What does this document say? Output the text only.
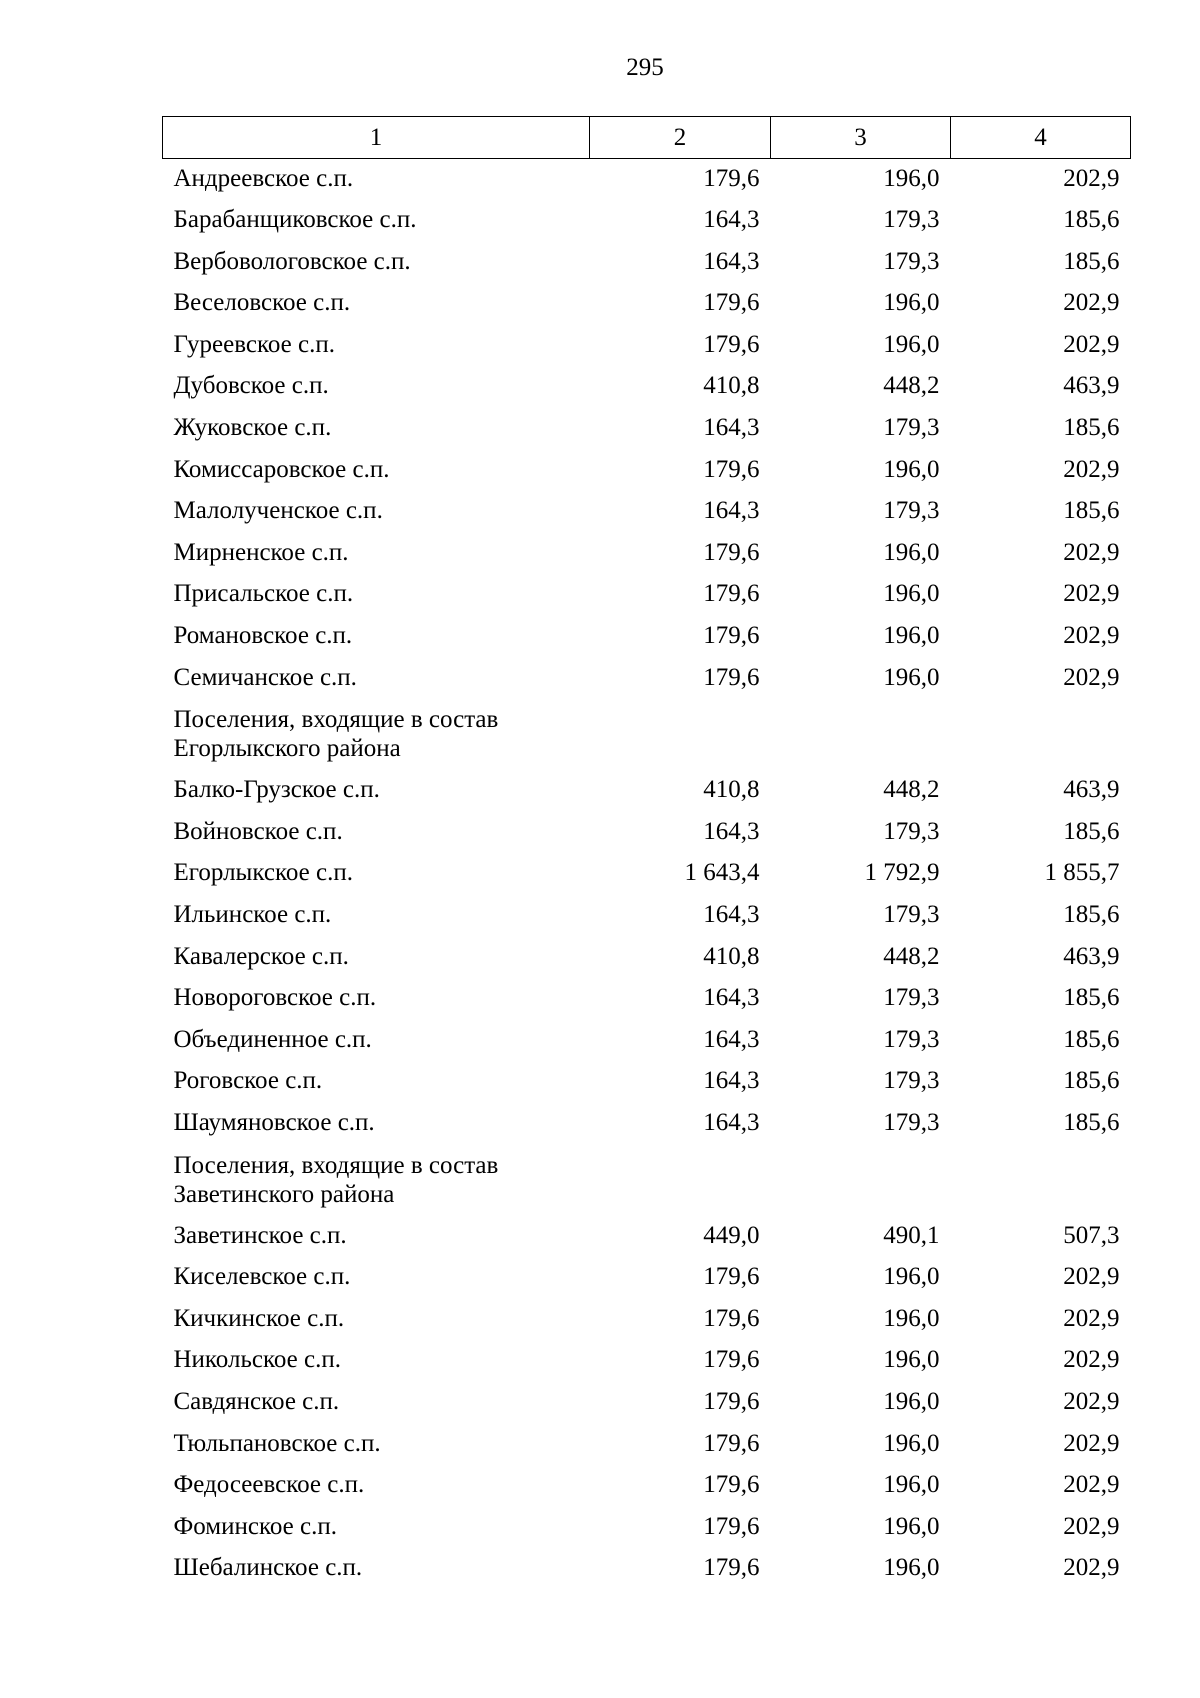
295
1	2	3	4
Андреевское с.п.	179,6	196,0	202,9
Барабанщиковское с.п.	164,3	179,3	185,6
Вербовологовское с.п.	164,3	179,3	185,6
Веселовское с.п.	179,6	196,0	202,9
Гуреевское с.п.	179,6	196,0	202,9
Дубовское с.п.	410,8	448,2	463,9
Жуковское с.п.	164,3	179,3	185,6
Комиссаровское с.п.	179,6	196,0	202,9
Малолученское с.п.	164,3	179,3	185,6
Мирненское с.п.	179,6	196,0	202,9
Присальское с.п.	179,6	196,0	202,9
Романовское с.п.	179,6	196,0	202,9
Семичанское с.п.	179,6	196,0	202,9

Поселения, входящие в состав
Егорлыкского района			

Балко-Грузское с.п.	410,8	448,2	463,9
Войновское с.п.	164,3	179,3	185,6
Егорлыкское с.п.	1 643,4	1 792,9	1 855,7
Ильинское с.п.	164,3	179,3	185,6
Кавалерское с.п.	410,8	448,2	463,9
Новороговское с.п.	164,3	179,3	185,6
Объединенное с.п.	164,3	179,3	185,6
Роговское с.п.	164,3	179,3	185,6
Шаумяновское с.п.	164,3	179,3	185,6

Поселения, входящие в состав
Заветинского района			

Заветинское с.п.	449,0	490,1	507,3
Киселевское с.п.	179,6	196,0	202,9
Кичкинское с.п.	179,6	196,0	202,9
Никольское с.п.	179,6	196,0	202,9
Савдянское с.п.	179,6	196,0	202,9
Тюльпановское с.п.	179,6	196,0	202,9
Федосеевское с.п.	179,6	196,0	202,9
Фоминское с.п.	179,6	196,0	202,9
Шебалинское с.п.	179,6	196,0	202,9
